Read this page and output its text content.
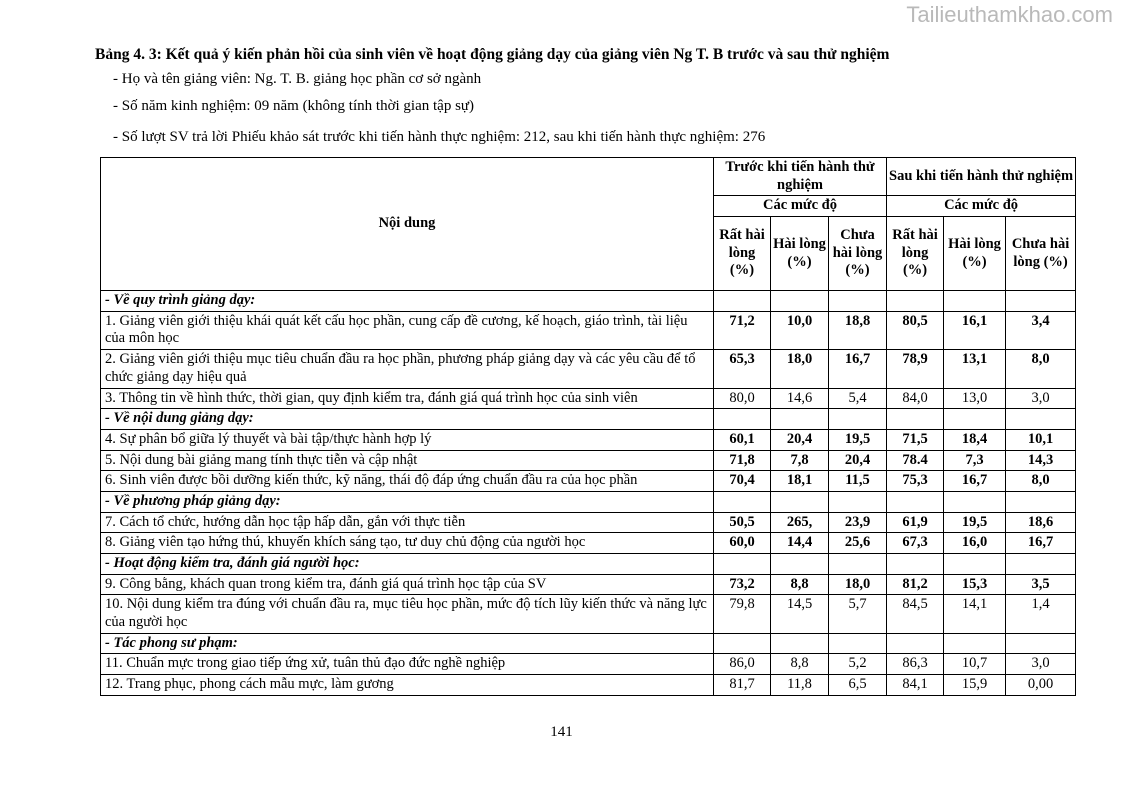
Tailieuthamkhao.com
Bảng 4. 3: Kết quả ý kiến phản hồi của sinh viên về hoạt động giảng dạy của giảng viên Ng T. B trước và sau thử nghiệm
- Họ và tên giảng viên: Ng. T. B. giảng học phần cơ sở ngành
- Số năm kinh nghiệm: 09 năm (không tính thời gian tập sự)
- Số lượt SV trả lời Phiếu khảo sát trước khi tiến hành thực nghiệm: 212, sau khi tiến hành thực nghiệm: 276
Nội dung	Trước khi tiến hành thử nghiệm			Sau khi tiến hành thử nghiệm		
	Các mức độ			Các mức độ		
	Rất hài lòng (%)	Hài lòng (%)	Chưa hài lòng (%)	Rất hài lòng (%)	Hài lòng (%)	Chưa hài lòng (%)
- Về quy trình giảng dạy:						
1. Giảng viên giới thiệu khái quát kết cấu học phần, cung cấp đề cương, kế hoạch, giáo trình, tài liệu của môn học	71,2	10,0	18,8	80,5	16,1	3,4
2. Giảng viên giới thiệu mục tiêu chuẩn đầu ra học phần, phương pháp giảng dạy và các yêu cầu để tổ chức giảng dạy hiệu quả	65,3	18,0	16,7	78,9	13,1	8,0
3. Thông tin về hình thức, thời gian, quy định kiểm tra, đánh giá quá trình học của sinh viên	80,0	14,6	5,4	84,0	13,0	3,0
- Về nội dung giảng dạy:						
4. Sự phân bổ giữa lý thuyết và bài tập/thực hành hợp lý	60,1	20,4	19,5	71,5	18,4	10,1
5. Nội dung bài giảng mang tính thực tiễn và cập nhật	71,8	7,8	20,4	78.4	7,3	14,3
6. Sinh viên được bồi dưỡng kiến thức, kỹ năng, thái độ đáp ứng chuẩn đầu ra của học phần	70,4	18,1	11,5	75,3	16,7	8,0
- Về phương pháp giảng dạy:						
7. Cách tổ chức, hướng dẫn học tập hấp dẫn, gắn với thực tiễn	50,5	265,	23,9	61,9	19,5	18,6
8. Giảng viên tạo hứng thú, khuyến khích sáng tạo, tư duy chủ động của người học	60,0	14,4	25,6	67,3	16,0	16,7
- Hoạt động kiểm tra, đánh giá người học:						
9. Công bằng, khách quan trong kiểm tra, đánh giá quá trình học tập của SV	73,2	8,8	18,0	81,2	15,3	3,5
10. Nội dung kiểm tra đúng với chuẩn đầu ra, mục tiêu học phần, mức độ tích lũy kiến thức và năng lực của người học	79,8	14,5	5,7	84,5	14,1	1,4
- Tác phong sư phạm:						
11. Chuẩn mực trong giao tiếp ứng xử, tuân thủ đạo đức nghề nghiệp	86,0	8,8	5,2	86,3	10,7	3,0
12. Trang phục, phong cách mẫu mực, làm gương	81,7	11,8	6,5	84,1	15,9	0,00
141
